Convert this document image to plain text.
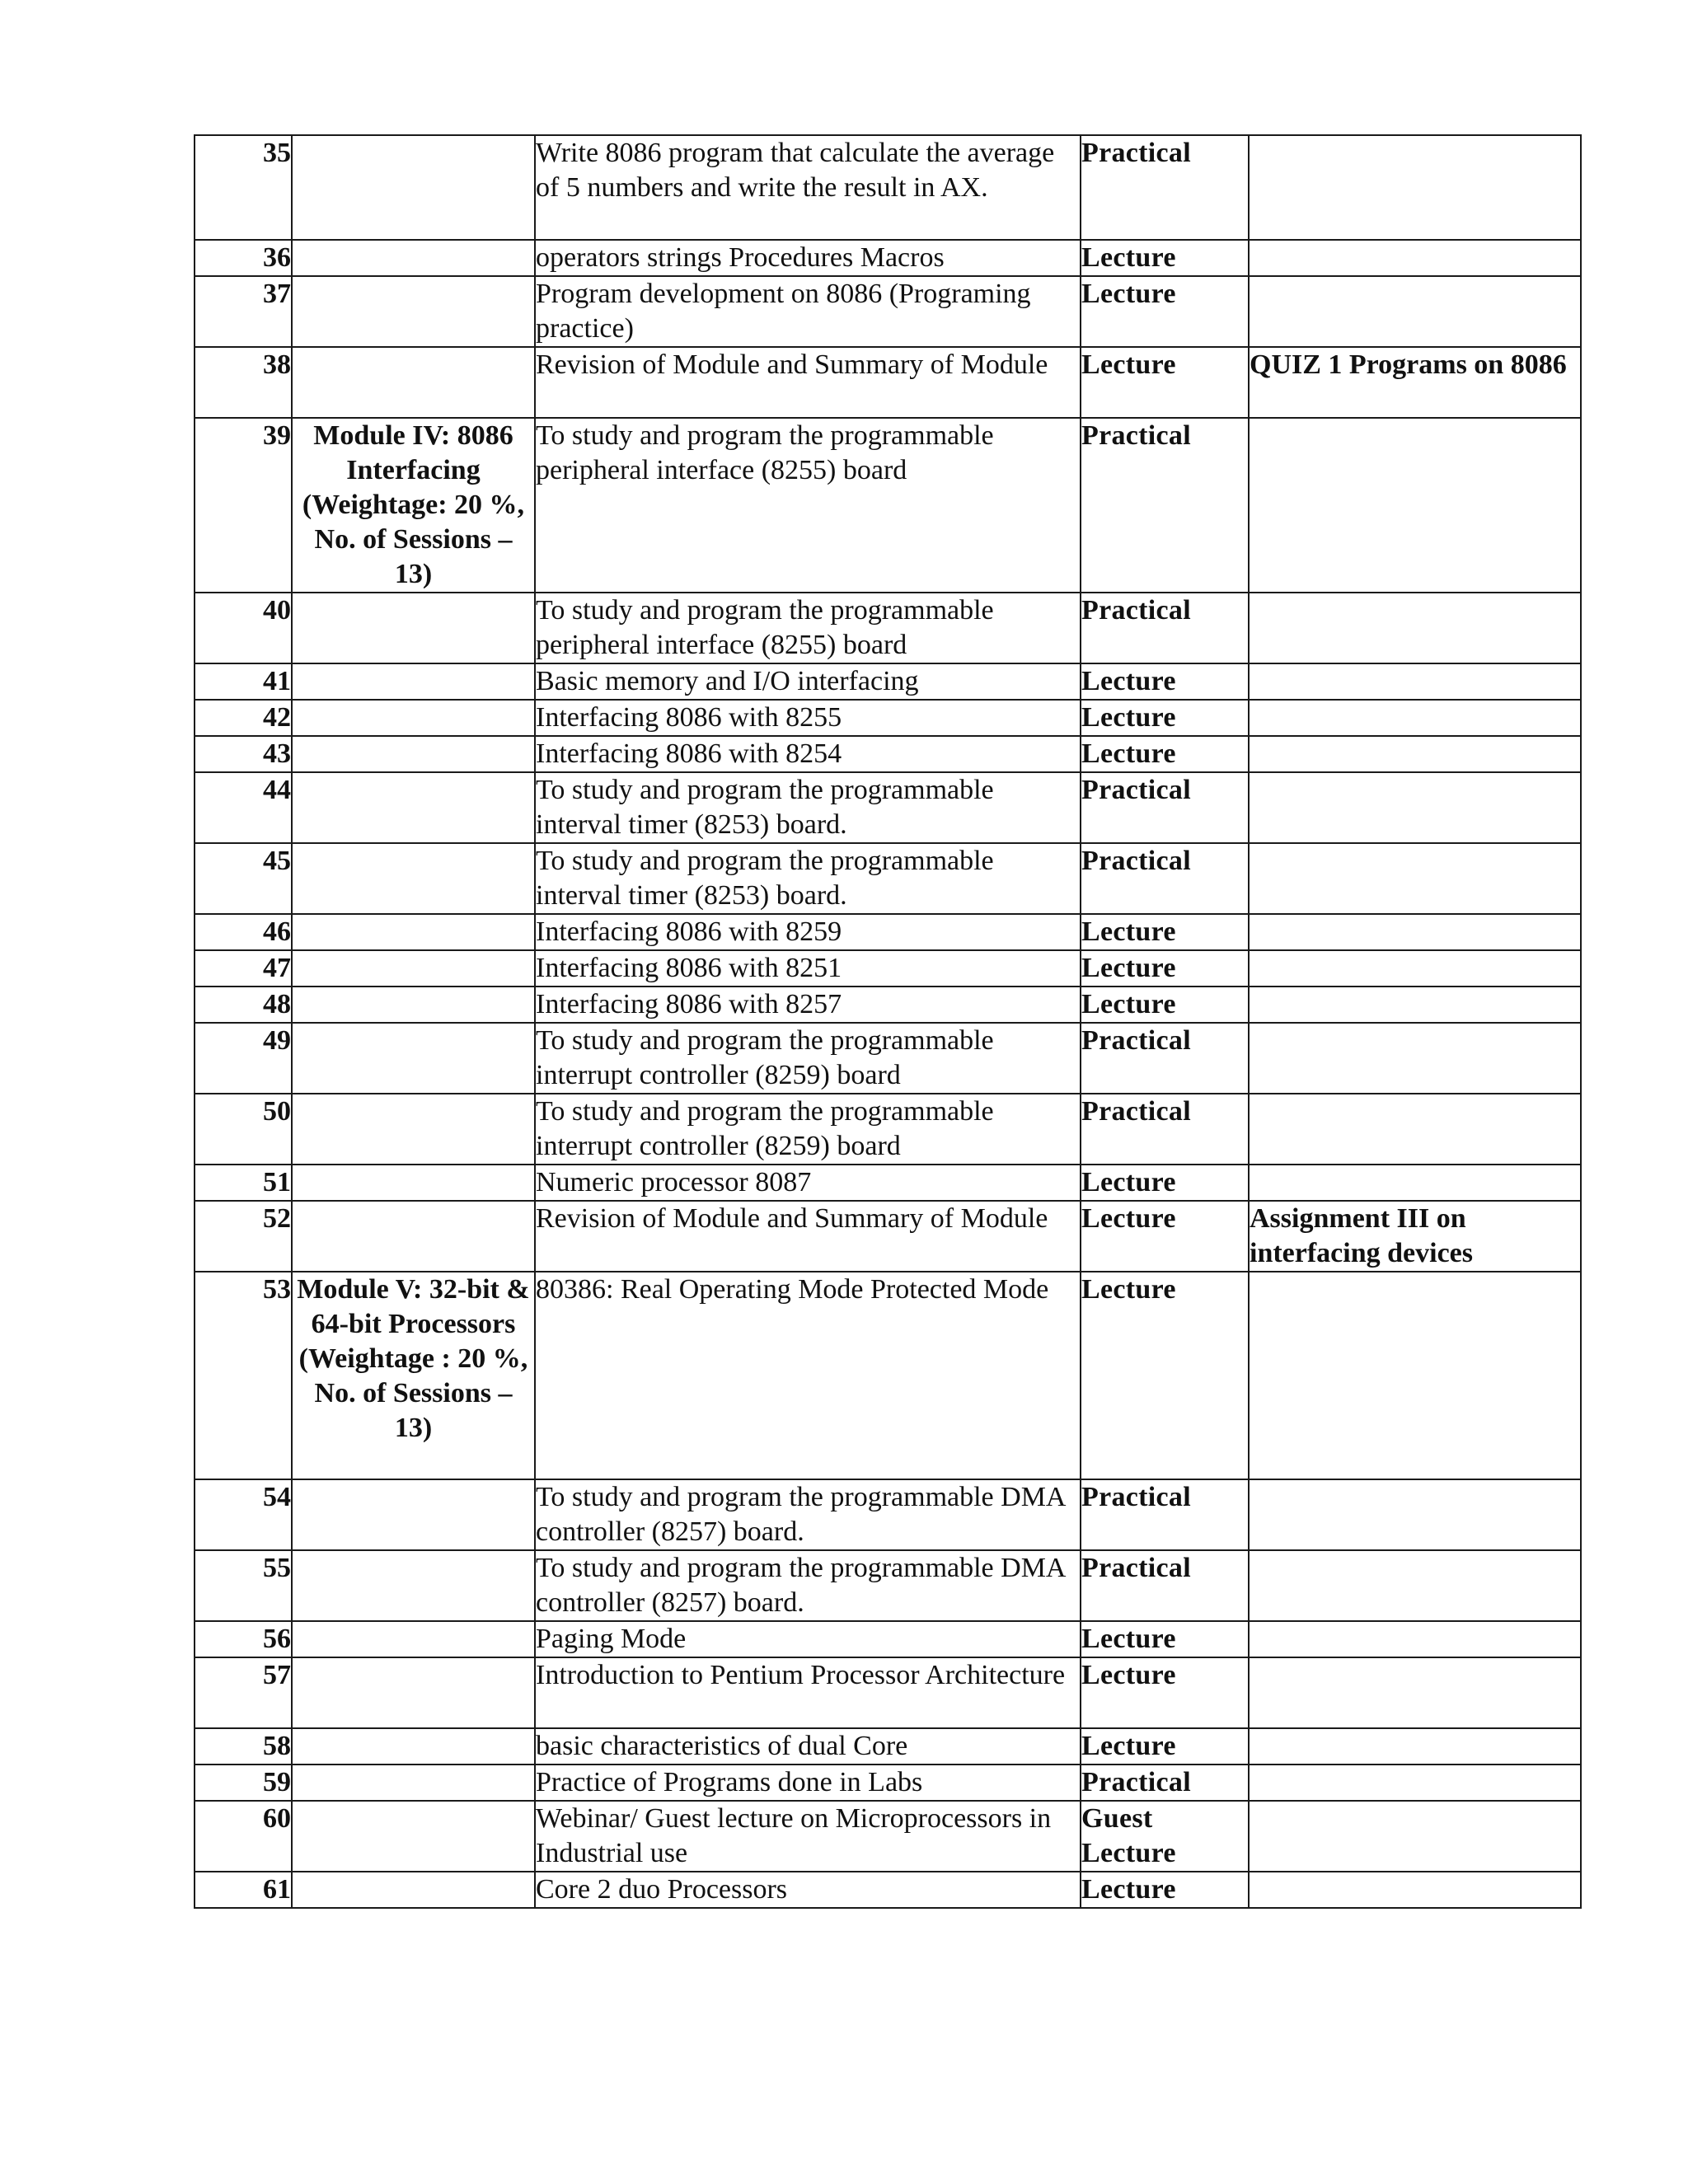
35		Write 8086 program that calculate the average of 5 numbers and write the result in AX.	Practical	
36		operators strings Procedures Macros	Lecture	
37		Program development on 8086 (Programing practice)	Lecture	
38		Revision of Module and Summary of Module	Lecture	QUIZ 1 Programs on 8086
39	Module IV: 8086 Interfacing (Weightage: 20 %, No. of Sessions – 13)	To study and program the programmable peripheral interface (8255) board	Practical	
40		To study and program the programmable peripheral interface (8255) board	Practical	
41		Basic memory and I/O interfacing	Lecture	
42		Interfacing 8086 with 8255	Lecture	
43		Interfacing 8086 with 8254	Lecture	
44		To study and program the programmable interval timer (8253) board.	Practical	
45		To study and program the programmable interval timer (8253) board.	Practical	
46		Interfacing 8086 with 8259	Lecture	
47		Interfacing 8086 with 8251	Lecture	
48		Interfacing 8086 with 8257	Lecture	
49		To study and program the programmable interrupt controller (8259) board	Practical	
50		To study and program the programmable interrupt controller (8259) board	Practical	
51		Numeric processor 8087	Lecture	
52		Revision of Module and Summary of Module	Lecture	Assignment III on interfacing devices
53	Module V: 32-bit & 64-bit Processors (Weightage : 20 %, No. of Sessions – 13)	80386: Real Operating Mode Protected Mode	Lecture	
54		To study and program the programmable DMA controller (8257) board.	Practical	
55		To study and program the programmable DMA controller (8257) board.	Practical	
56		Paging Mode	Lecture	
57		Introduction to Pentium Processor Architecture	Lecture	
58		basic characteristics of dual Core	Lecture	
59		Practice of Programs done in Labs	Practical	
60		Webinar/ Guest lecture on Microprocessors in Industrial use	Guest Lecture	
61		Core 2 duo Processors	Lecture	
